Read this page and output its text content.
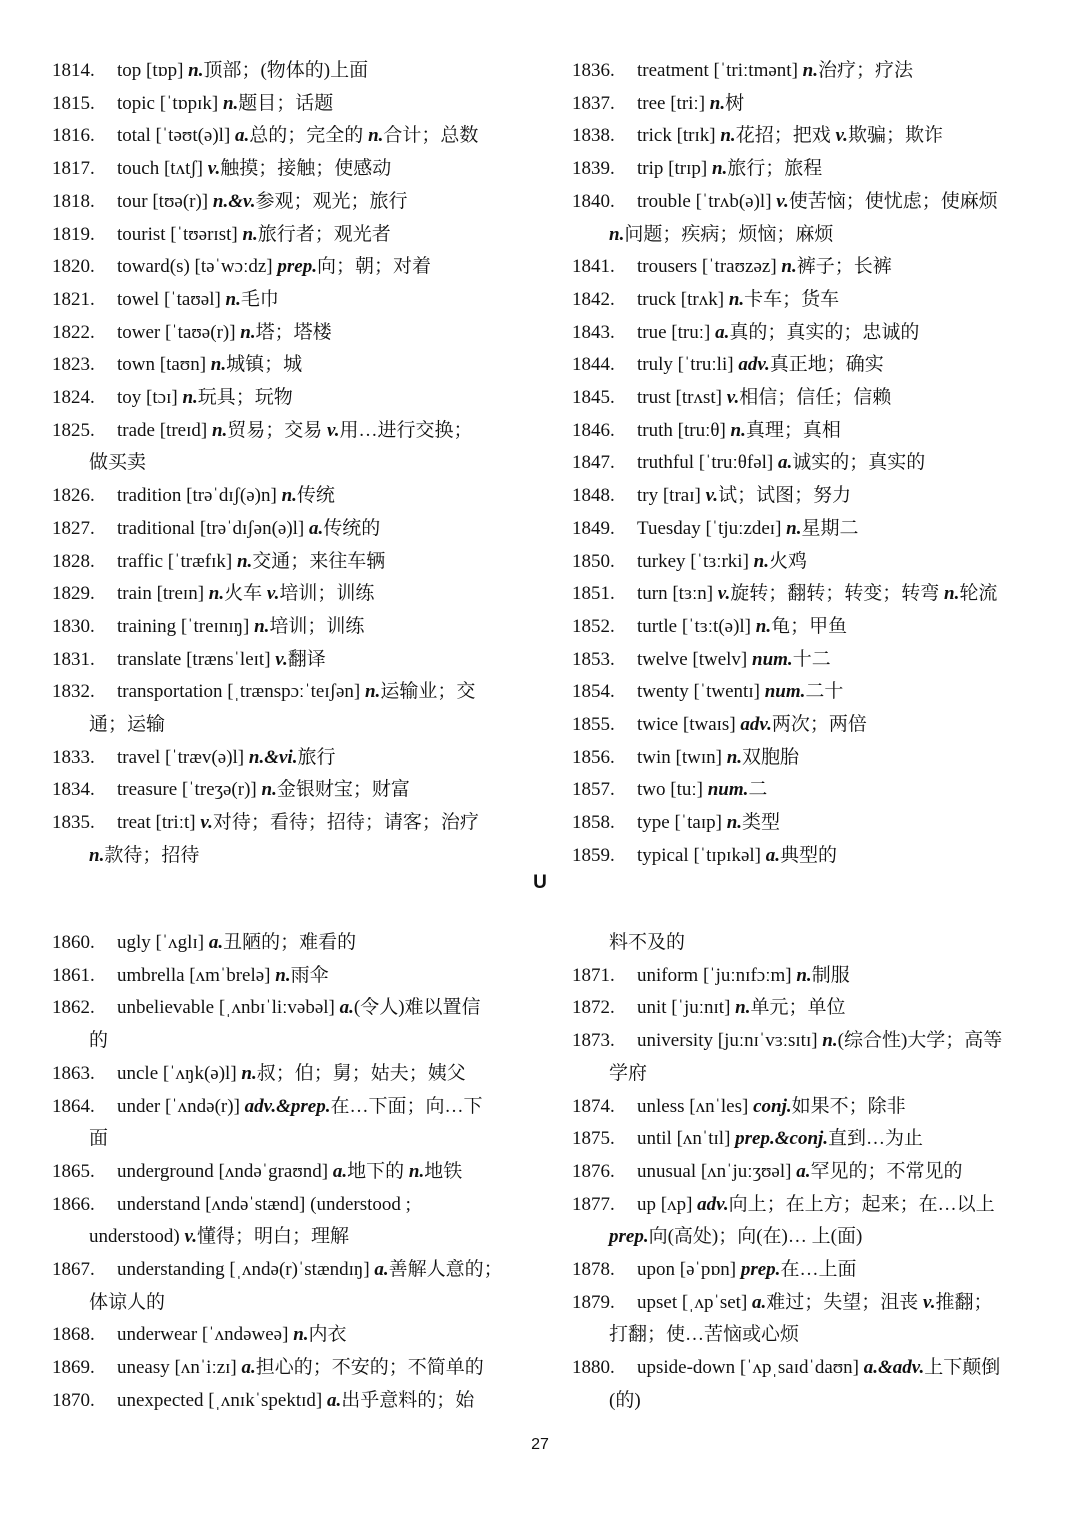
1814. top [tɒp] n.顶部；(物体的)上面
1815. topic [ˈtɒpɪk] n.题目；话题
1816. total [ˈtəʊt(ə)l] a.总的；完全的 n.合计；总数
1817. touch [tʌtʃ] v.触摸；接触；使感动
1818. tour [tʊə(r)] n.&v.参观；观光；旅行
1819. tourist [ˈtʊərɪst] n.旅行者；观光者
1820. toward(s) [təˈwɔːdz] prep.向；朝；对着
1821. towel [ˈtaʊəl] n.毛巾
1822. tower [ˈtaʊə(r)] n.塔；塔楼
1823. town [taʊn] n.城镇；城
1824. toy [tɔɪ] n.玩具；玩物
1825. trade [treɪd] n.贸易；交易 v.用…进行交换；
做买卖
1826. tradition [trəˈdɪʃ(ə)n] n.传统
1827. traditional [trəˈdɪʃən(ə)l] a.传统的
1828. traffic [ˈtræfɪk] n.交通；来往车辆
1829. train [treɪn] n.火车 v.培训；训练
1830. training [ˈtreɪnɪŋ] n.培训；训练
1831. translate [trænsˈleɪt] v.翻译
1832. transportation [ˌtrænspɔːˈteɪʃən] n.运输业；交
通；运输
1833. travel [ˈtræv(ə)l] n.&vi.旅行
1834. treasure [ˈtreʒə(r)] n.金银财宝；财富
1835. treat [triːt] v.对待；看待；招待；请客；治疗
n.款待；招待
1836. treatment [ˈtriːtmənt] n.治疗；疗法
1837. tree [triː] n.树
1838. trick [trɪk] n.花招；把戏 v.欺骗；欺诈
1839. trip [trɪp] n.旅行；旅程
1840. trouble [ˈtrʌb(ə)l] v.使苦恼；使忧虑；使麻烦
n.问题；疾病；烦恼；麻烦
1841. trousers [ˈtraʊzəz] n.裤子；长裤
1842. truck [trʌk] n.卡车；货车
1843. true [truː] a.真的；真实的；忠诚的
1844. truly [ˈtruːli] adv.真正地；确实
1845. trust [trʌst] v.相信；信任；信赖
1846. truth [truːθ] n.真理；真相
1847. truthful [ˈtruːθfəl] a.诚实的；真实的
1848. try [traɪ] v.试；试图；努力
1849. Tuesday [ˈtjuːzdeɪ] n.星期二
1850. turkey [ˈtɜːrki] n.火鸡
1851. turn [tɜːn] v.旋转；翻转；转变；转弯 n.轮流
1852. turtle [ˈtɜːt(ə)l] n.龟；甲鱼
1853. twelve [twelv] num.十二
1854. twenty [ˈtwentɪ] num.二十
1855. twice [twaɪs] adv.两次；两倍
1856. twin [twɪn] n.双胞胎
1857. two [tuː] num.二
1858. type [ˈtaɪp] n.类型
1859. typical [ˈtɪpɪkəl] a.典型的
U
1860. ugly [ˈʌglɪ] a.丑陋的；难看的
1861. umbrella [ʌmˈbrelə] n.雨伞
1862. unbelievable [ˌʌnbɪˈliːvəbəl] a.(令人)难以置信
的
1863. uncle [ˈʌŋk(ə)l] n.叔；伯；舅；姑夫；姨父
1864. under [ˈʌndə(r)] adv.&prep.在…下面；向…下
面
1865. underground [ʌndəˈgraʊnd] a.地下的 n.地铁
1866. understand [ʌndəˈstænd] (understood ;
understood) v.懂得；明白；理解
1867. understanding [ˌʌndə(r)ˈstændɪŋ] a.善解人意的；
体谅人的
1868. underwear [ˈʌndəweə] n.内衣
1869. uneasy [ʌnˈiːzɪ] a.担心的；不安的；不简单的
1870. unexpected [ˌʌnɪkˈspektɪd] a.出乎意料的；始
料不及的
1871. uniform [ˈjuːnɪfɔːm] n.制服
1872. unit [ˈjuːnɪt] n.单元；单位
1873. university [juːnɪˈvɜːsɪtɪ] n.(综合性)大学；高等
学府
1874. unless [ʌnˈles] conj.如果不；除非
1875. until [ʌnˈtɪl] prep.&conj.直到…为止
1876. unusual [ʌnˈjuːʒʊəl] a.罕见的；不常见的
1877. up [ʌp] adv.向上；在上方；起来；在…以上
prep.向(高处)；向(在)… 上(面)
1878. upon [əˈpɒn] prep.在…上面
1879. upset [ˌʌpˈset] a.难过；失望；沮丧 v.推翻；
打翻；使…苦恼或心烦
1880. upside-down [ˈʌpˌsaɪdˈdaʊn] a.&adv.上下颠倒
(的)
27
